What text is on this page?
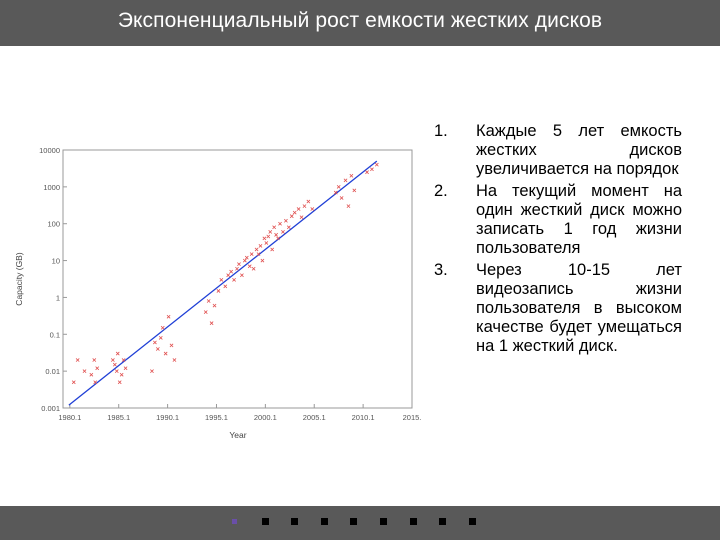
Экспоненциальный рост емкости жестких дисков
1980.1	1985.1	1990.1	1995.1	2000.1	2005.1	2010.1	2015.
0.001
0.01
0.1
1
10
100
1000
10000
Year
Capacity (GB)
1. Каждые 5 лет емкость жестких дисков увеличивается на порядок
2. На текущий момент на один жесткий диск можно записать 1 год жизни пользователя
3. Через 10-15 лет видеозапись жизни пользователя в высоком качестве будет умещаться на 1 жесткий диск.
